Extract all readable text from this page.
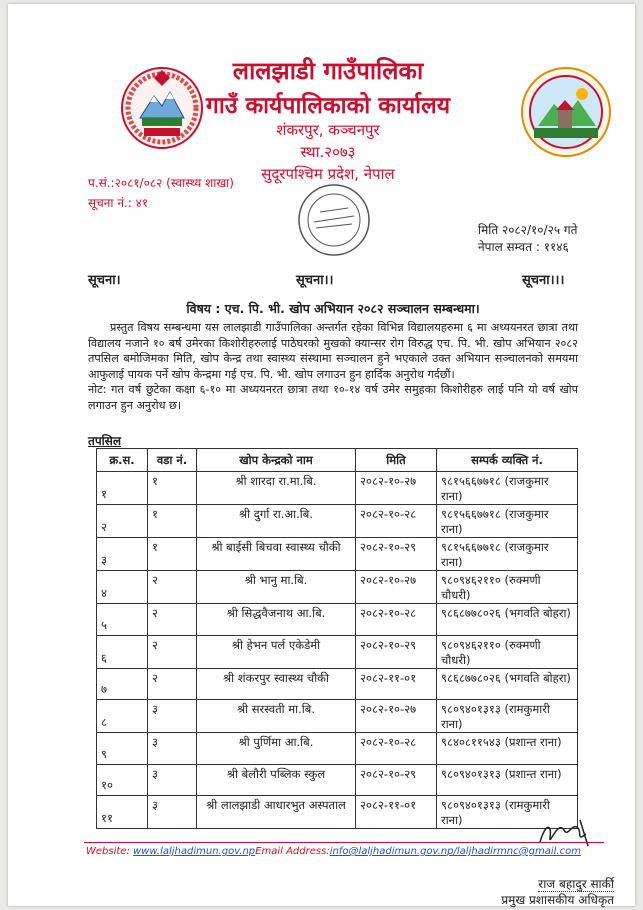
लालझाडी गाउँपालिका
गाउँ कार्यपालिकाको कार्यालय
शंकरपुर, कञ्चनपुर
स्था.२०७३
सुदूरपश्चिम प्रदेश, नेपाल
प.सं.:२०८१/०८२ (स्वास्थ्य शाखा)
सूचना नं.: ४१
मिति २०८२/१०/२५ गते
नेपाल सम्वत : ११४६
सूचना।	सूचना।।	सूचना।।।
विषय : एच. पि. भी. खोप अभियान २०८२ सञ्चालन सम्बन्धमा।
प्रस्तुत विषय सम्बन्धमा यस लालझाडी गाउँपालिका अन्तर्गत रहेका विभिन्न विद्यालयहरुमा ६ मा अध्ययनरत छात्रा तथा विद्यालय नजाने १० बर्ष उमेरका किशोरीहरुलाई पाठेघरको मुखको क्यान्सर रोग विरुद्ध एच. पि. भी. खोप अभियान २०८२ तपसिल बमोजिमका मिति, खोप केन्द्र तथा स्वास्थ्य संस्थामा सञ्चालन हुने भएकाले उक्त अभियान सञ्चालनको समयमा आफुलाई पायक पर्ने खोप केन्द्रमा गई एच. पि. भी. खोप लगाउन हुन हार्दिक अनुरोध गर्दछौं।
नोट: गत वर्ष छुटेका कक्षा ६-१० मा अध्ययनरत छात्रा तथा १०-१४ वर्ष उमेर समुहका किशोरीहरु लाई पनि यो वर्ष खोप लगाउन हुन अनुरोध छ।
तपसिल
क्र.स.	वडा नं.	खोप केन्द्रको नाम	मिति	सम्पर्क व्यक्ति नं.
१	१	श्री शारदा रा.मा.बि.	२०८२-१०-२७	९८१५६६७७१८ (राजकुमार राना)
२	१	श्री दुर्गा रा.आ.बि.	२०८२-१०-२८	९८१५६६७७१८ (राजकुमार राना)
३	१	श्री बाईसी बिचवा स्वास्थ्य चौकी	२०८२-१०-२९	९८१५६६७७१८ (राजकुमार राना)
४	२	श्री भानु मा.बि.	२०८२-१०-२७	९८०९४६२११० (रुक्मणी चौधरी)
५	२	श्री सिद्धवैजनाथ आ.बि.	२०८२-१०-२८	९८६८७७८०२६ (भगवति बोहरा)
६	२	श्री हेभन पर्ल एकेडेमी	२०८२-१०-२९	९८०९४६२११० (रुक्मणी चौधरी)
७	२	श्री शंकरपुर स्वास्थ्य चौकी	२०८२-११-०१	९८६८७७८०२६ (भगवति बोहरा)
८	३	श्री सरस्वती मा.बि.	२०८२-१०-२७	९८०९४०१३१३ (रामकुमारी राना)
९	३	श्री पुर्णिमा आ.बि.	२०८२-१०-२८	९८४०८११५४३ (प्रशान्त राना)
१०	३	श्री बेलौरी पब्लिक स्कुल	२०८२-१०-२९	९८०९४०१३१३ (प्रशान्त राना)
११	३	श्री लालझाडी आधारभुत अस्पताल	२०८२-११-०१	९८०९४०१३१३ (रामकुमारी राना)
Website: www.laljhadimun.gov.npEmail Address:info@laljhadimun.gov.np/laljhadirmnc@gmail.com
राज बहादुर सार्की
प्रमुख प्रशासकीय अधिकृत
